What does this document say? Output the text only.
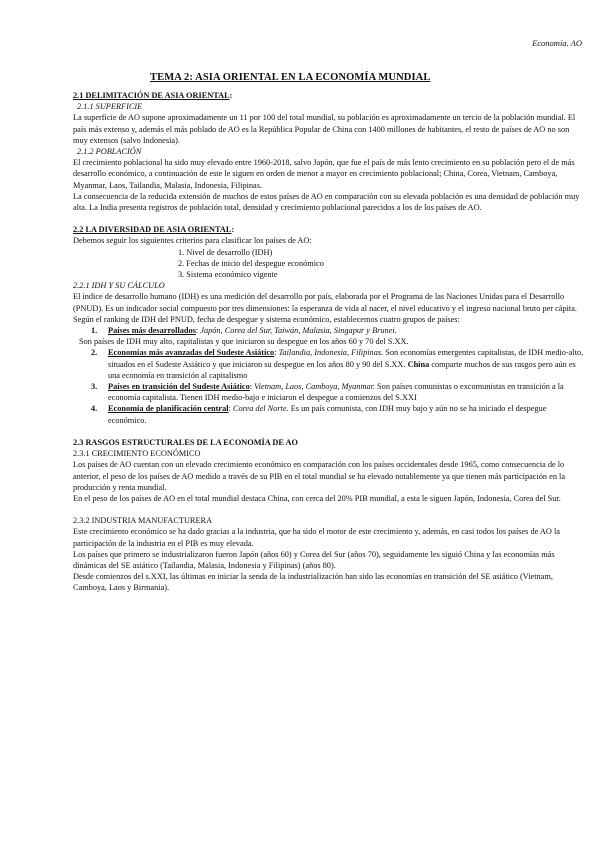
Economía. AO
TEMA 2: ASIA ORIENTAL EN LA ECONOMÍA MUNDIAL
2.1 DELIMITACIÓN DE ASIA ORIENTAL:
2.1.1 SUPERFICIE

La superficie de AO supone aproximadamente un 11 por 100 del total mundial, su población es aproximadamente un tercio de la población mundial. El país más extenso y, además el más poblado de AO es la República Popular de China con 1400 millones de habitantes, el resto de países de AO no son muy extensos (salvo Indonesia).

2.1.2 POBLACIÓN

El crecimiento poblacional ha sido muy elevado entre 1960-2018, salvo Japón, que fue el país de más lento crecimiento en su población pero el de más desarrollo económico, a continuación de este le siguen en orden de menor a mayor en crecimiento poblacional; China, Corea, Vietnam, Camboya, Myanmar, Laos, Tailandia, Malasia, Indonesia, Filipinas.

La consecuencia de la reducida extensión de muchos de estos países de AO en comparación con su elevada población es una densidad de población muy alta. La India presenta registros de población total, densidad y crecimiento poblacional parecidos a los de los países de AO.

2.2 LA DIVERSIDAD DE ASIA ORIENTAL:

Debemos seguir los siguientes criterios para clasificar los países de AO:

1. Nivel de desarrollo (IDH)
2. Fechas de inicio del despegue económico
3. Sistema económico vigente
2.2.1 IDH Y SU CÁLCULO

El índice de desarrollo humano (IDH) es una medición del desarrollo por país, elaborada por el Programa de las Naciones Unidas para el Desarrollo (PNUD). Es un indicador social compuesto por tres dimensiones: la esperanza de vida al nacer, el nivel educativo y el ingreso nacional bruto per cápita.

Según el ranking de IDH del PNUD, fecha de despegue y sistema económico, establecemos cuatro grupos de países:

1. Países más desarrollados: Japón, Corea del Sur, Taiwán, Malasia, Singapur y Brunei.

Son países de IDH muy alto, capitalistas y que iniciaron su despegue en los años 60 y 70 del S.XX.

2. Economías más avanzadas del Sudeste Asiático: Tailandia, Indonesia, Filipinas. Son economías emergentes capitalistas, de IDH medio-alto, situados en el Sudeste Asiático y que iniciaron su despegue en los años 80 y 90 del S.XX. China comparte muchos de sus rasgos pero aún es una economía en transición al capitalismo
3. Países en transición del Sudeste Asiático: Vietnam, Laos, Camboya, Myanmar. Son países comunistas o excomunistas en transición a la economía capitalista. Tienen IDH medio-bajo e iniciaron el despegue a comienzos del S.XXI
4. Economía de planificación central: Corea del Norte. Es un país comunista, con IDH muy bajo y aún no se ha iniciado el despegue económico.
2.3 RASGOS ESTRUCTURALES DE LA ECONOMÍA DE AO
2.3.1 CRECIMIENTO ECONÓMICO

Los países de AO cuentan con un elevado crecimiento económico en comparación con los países occidentales desde 1965, como consecuencia de lo anterior, el peso de los países de AO medido a través de su PIB en el total mundial se ha elevado notablemente ya que tienen más participación en la producción y renta mundial.

En el peso de los países de AO en el total mundial destaca China, con cerca del 20% PIB mundial, a esta le siguen Japón, Indonesia, Corea del Sur.

2.3.2 INDUSTRIA MANUFACTURERA

Este crecimiento económico se ha dado gracias a la industria, que ha sido el motor de este crecimiento y, además, en casi todos los países de AO la participación de la industria en el PIB es muy elevada.

Los países que primero se industrializaron fueron Japón (años 60) y Corea del Sur (años 70), seguidamente les siguió China y las economías más dinámicas del SE asiático (Tailandia, Malasia, Indonesia y Filipinas) (años 80).

Desde comienzos del s.XXI, las últimas en iniciar la senda de la industrialización han sido las economías en transición del SE asiático (Vietnam, Camboya, Laos y Birmania).
